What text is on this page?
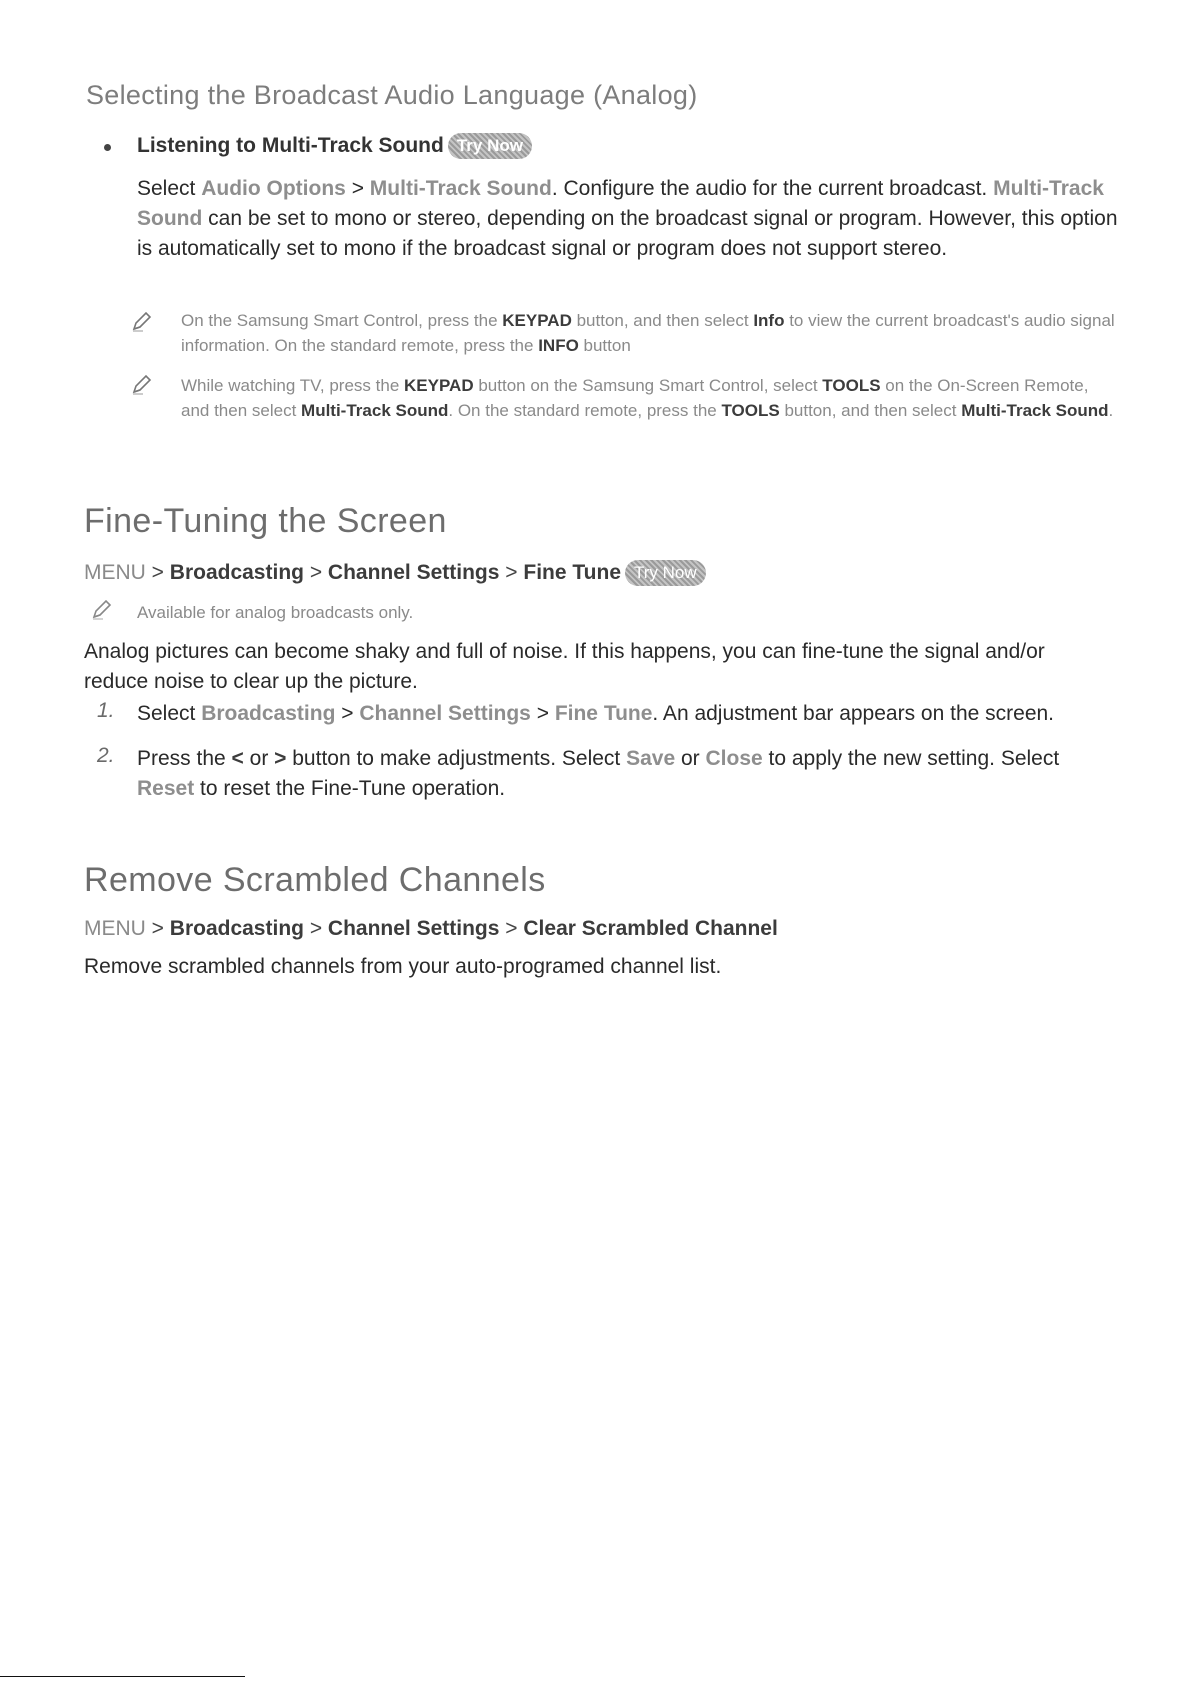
Selecting the Broadcast Audio Language (Analog)
Listening to Multi-Track Sound Try Now
Select Audio Options > Multi-Track Sound. Configure the audio for the current broadcast. Multi-Track Sound can be set to mono or stereo, depending on the broadcast signal or program. However, this option is automatically set to mono if the broadcast signal or program does not support stereo.
On the Samsung Smart Control, press the KEYPAD button, and then select Info to view the current broadcast's audio signal information. On the standard remote, press the INFO button
While watching TV, press the KEYPAD button on the Samsung Smart Control, select TOOLS on the On-Screen Remote, and then select Multi-Track Sound. On the standard remote, press the TOOLS button, and then select Multi-Track Sound.
Fine-Tuning the Screen
MENU > Broadcasting > Channel Settings > Fine Tune Try Now
Available for analog broadcasts only.
Analog pictures can become shaky and full of noise. If this happens, you can fine-tune the signal and/or reduce noise to clear up the picture.
1. Select Broadcasting > Channel Settings > Fine Tune. An adjustment bar appears on the screen.
2. Press the < or > button to make adjustments. Select Save or Close to apply the new setting. Select Reset to reset the Fine-Tune operation.
Remove Scrambled Channels
MENU > Broadcasting > Channel Settings > Clear Scrambled Channel
Remove scrambled channels from your auto-programed channel list.
